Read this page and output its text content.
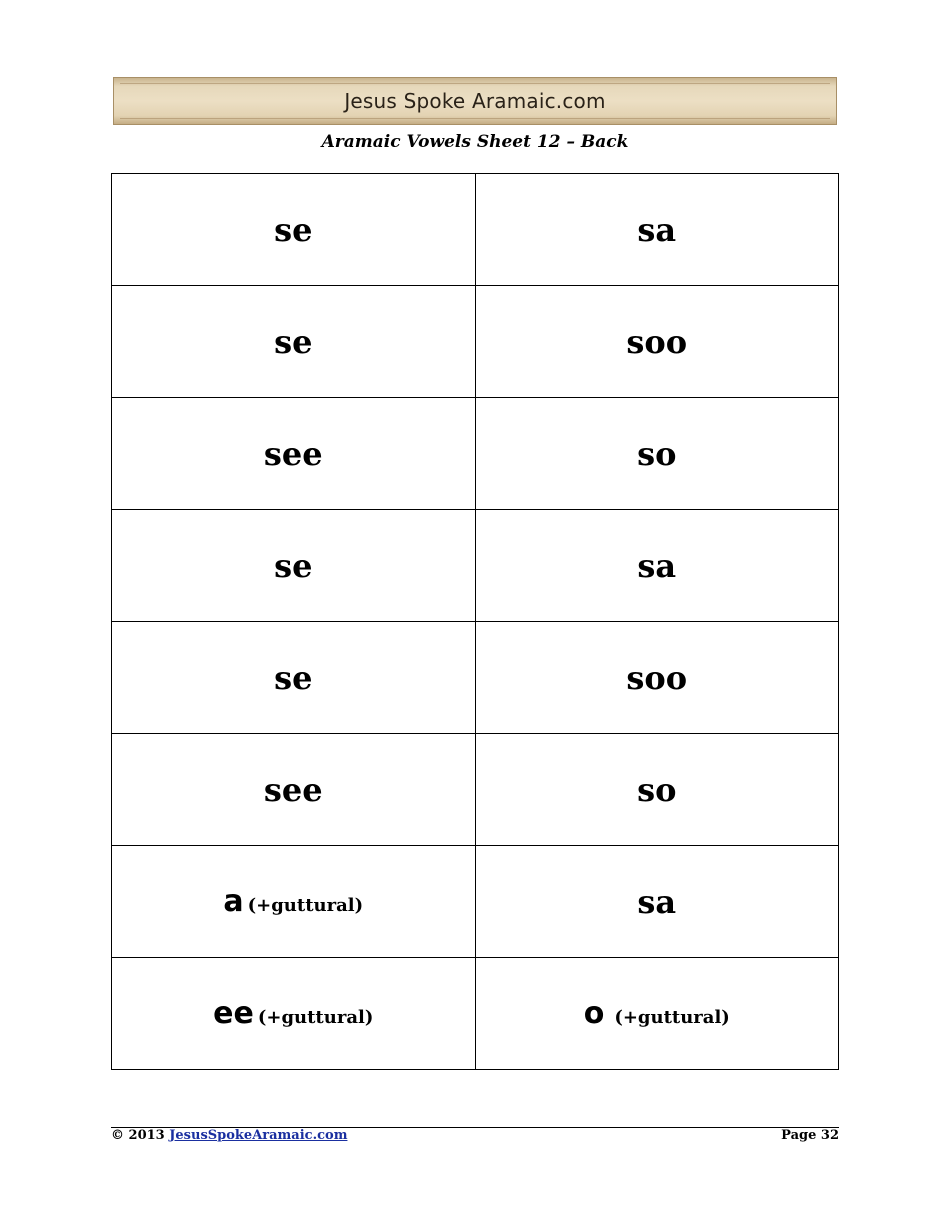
Jesus Spoke Aramaic.com
Aramaic Vowels Sheet 12 – Back
se	sa
se	soo
see	so
se	sa
se	soo
see	so
a (+guttural)	sa
ee (+guttural)	o (+guttural)
© 2013 JesusSpokeAramaic.com	Page 32
